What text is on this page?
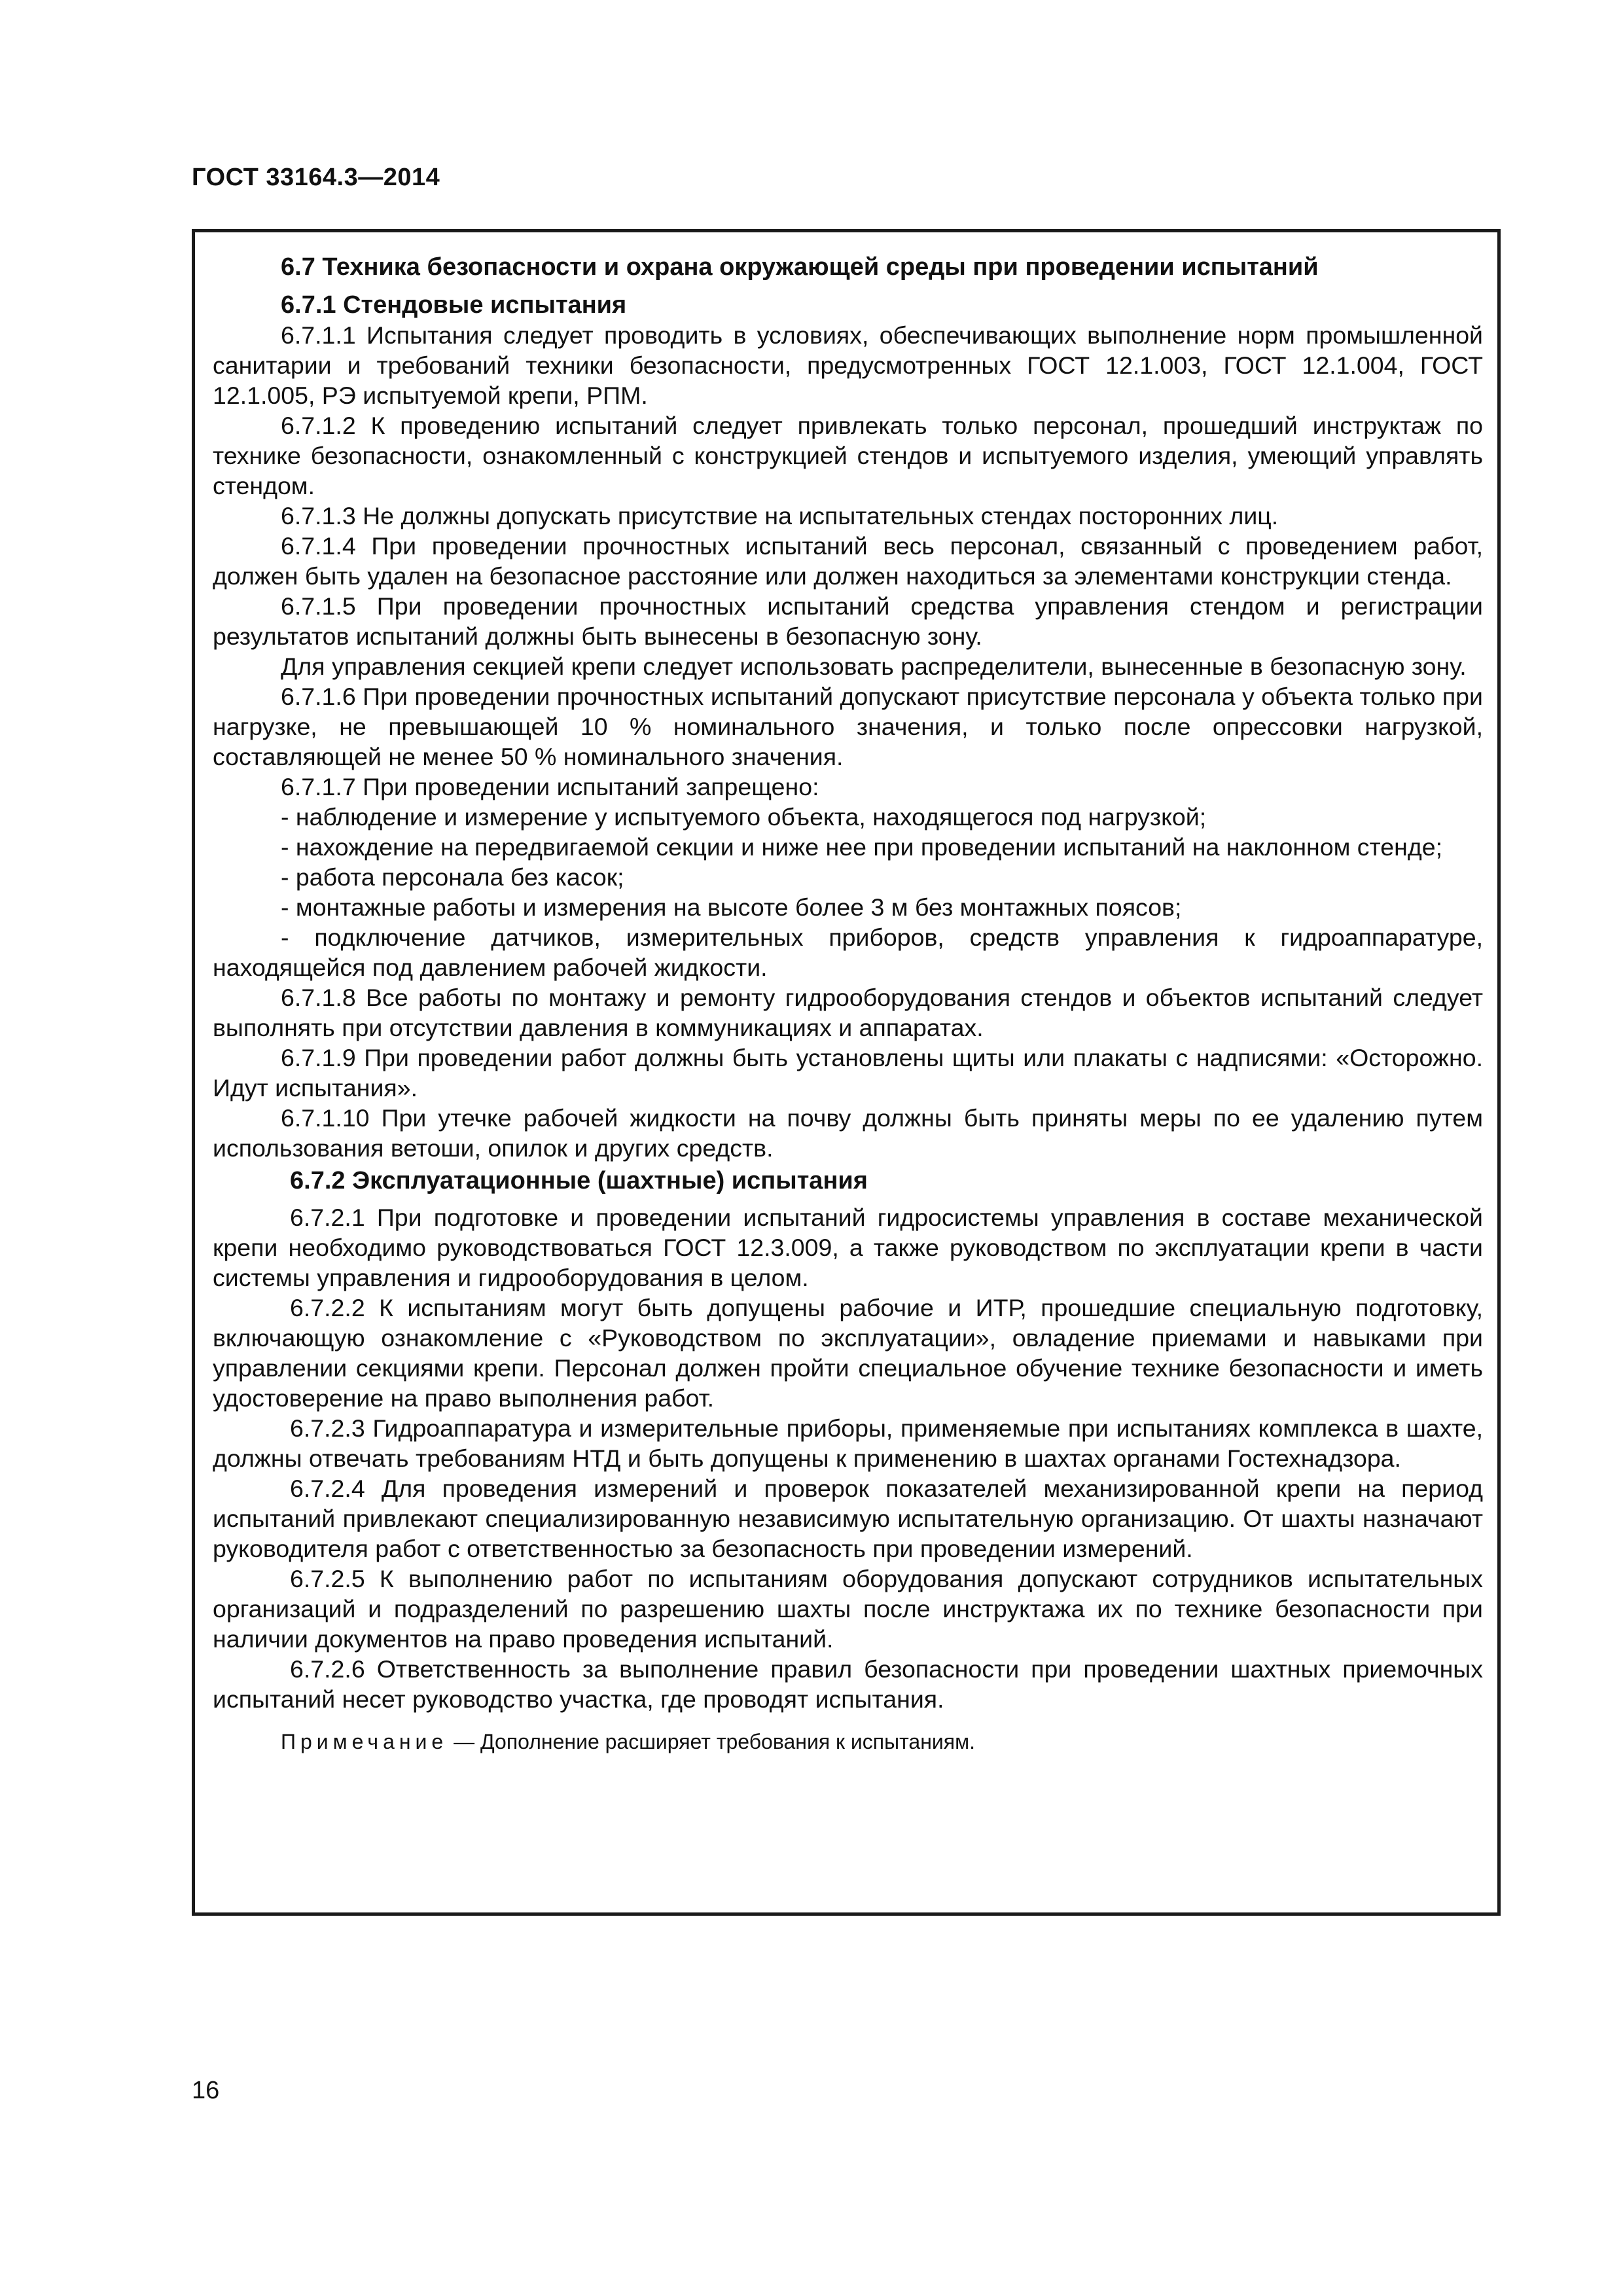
ГОСТ 33164.3—2014
6.7 Техника безопасности и охрана окружающей среды при проведении испытаний
6.7.1 Стендовые испытания

6.7.1.1 Испытания следует проводить в условиях, обеспечивающих выполнение норм промышленной санитарии и требований техники безопасности, предусмотренных ГОСТ 12.1.003, ГОСТ 12.1.004, ГОСТ 12.1.005, РЭ испытуемой крепи, РПМ.

6.7.1.2 К проведению испытаний следует привлекать только персонал, прошедший инструктаж по технике безопасности, ознакомленный с конструкцией стендов и испытуемого изделия, умеющий управлять стендом.

6.7.1.3 Не должны допускать присутствие на испытательных стендах посторонних лиц.

6.7.1.4 При проведении прочностных испытаний весь персонал, связанный с проведением работ, должен быть удален на безопасное расстояние или должен находиться за элементами конструкции стенда.

6.7.1.5 При проведении прочностных испытаний средства управления стендом и регистрации результатов испытаний должны быть вынесены в безопасную зону.

Для управления секцией крепи следует использовать распределители, вынесенные в безопасную зону.

6.7.1.6 При проведении прочностных испытаний допускают присутствие персонала у объекта только при нагрузке, не превышающей 10 % номинального значения, и только после опрессовки нагрузкой, составляющей не менее 50 % номинального значения.

6.7.1.7 При проведении испытаний запрещено:

- наблюдение и измерение у испытуемого объекта, находящегося под нагрузкой;

- нахождение на передвигаемой секции и ниже нее при проведении испытаний на наклонном стенде;

- работа персонала без касок;

- монтажные работы и измерения на высоте более 3 м без монтажных поясов;

- подключение датчиков, измерительных приборов, средств управления к гидроаппаратуре, находящейся под давлением рабочей жидкости.

6.7.1.8 Все работы по монтажу и ремонту гидрооборудования стендов и объектов испытаний следует выполнять при отсутствии давления в коммуникациях и аппаратах.

6.7.1.9 При проведении работ должны быть установлены щиты или плакаты с надписями: «Осторожно. Идут испытания».

6.7.1.10 При утечке рабочей жидкости на почву должны быть приняты меры по ее удалению путем использования ветоши, опилок и других средств.

6.7.2 Эксплуатационные (шахтные) испытания

6.7.2.1 При подготовке и проведении испытаний гидросистемы управления в составе механической крепи необходимо руководствоваться ГОСТ 12.3.009, а также руководством по эксплуатации крепи в части системы управления и гидрооборудования в целом.

6.7.2.2 К испытаниям могут быть допущены рабочие и ИТР, прошедшие специальную подготовку, включающую ознакомление с «Руководством по эксплуатации», овладение приемами и навыками при управлении секциями крепи. Персонал должен пройти специальное обучение технике безопасности и иметь удостоверение на право выполнения работ.

6.7.2.3 Гидроаппаратура и измерительные приборы, применяемые при испытаниях комплекса в шахте, должны отвечать требованиям НТД и быть допущены к применению в шахтах органами Гостехнадзора.

6.7.2.4 Для проведения измерений и проверок показателей механизированной крепи на период испытаний привлекают специализированную независимую испытательную организацию. От шахты назначают руководителя работ с ответственностью за безопасность при проведении измерений.

6.7.2.5 К выполнению работ по испытаниям оборудования допускают сотрудников испытательных организаций и подразделений по разрешению шахты после инструктажа их по технике безопасности при наличии документов на право проведения испытаний.

6.7.2.6 Ответственность за выполнение правил безопасности при проведении шахтных приемочных испытаний несет руководство участка, где проводят испытания.

Примечание — Дополнение расширяет требования к испытаниям.

16
